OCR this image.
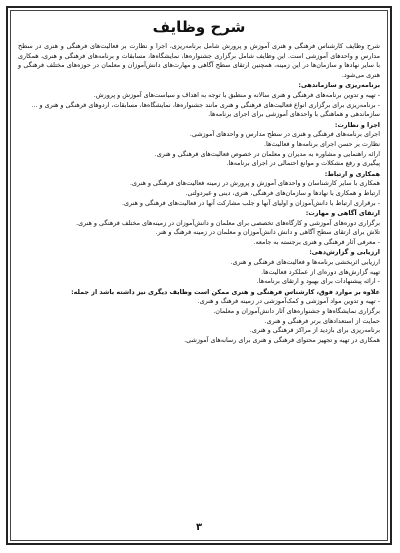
شرح وظایف

شرح وظایف کارشناس فرهنگی و هنری آموزش و پرورش شامل برنامه‌ریزی، اجرا و نظارت بر فعالیت‌های فرهنگی و هنری در سطح مدارس و واحدهای آموزشی است. این وظایف شامل برگزاری جشنواره‌ها، نمایشگاه‌ها، مسابقات و برنامه‌های فرهنگی و هنری، همکاری با سایر نهادها و سازمان‌ها در این زمینه، همچنین ارتقای سطح آگاهی و مهارت‌های دانش‌آموزان و معلمان در حوزه‌های مختلف فرهنگی و هنری می‌شود.

برنامه‌ریزی و سازماندهی:

- تهیه و تدوین برنامه‌های فرهنگی و هنری سالانه و منطبق با توجه به اهداف و سیاست‌های آموزش و پرورش.

- برنامه‌ریزی برای برگزاری انواع فعالیت‌های فرهنگی و هنری مانند جشنواره‌ها، نمایشگاه‌ها، مسابقات، اردوهای فرهنگی و هنری و ...

سازماندهی و هماهنگی با واحدهای آموزشی برای اجرای برنامه‌ها.

اجرا و نظارت:

اجرای برنامه‌های فرهنگی و هنری در سطح مدارس و واحدهای آموزشی.

نظارت بر حسن اجرای برنامه‌ها و فعالیت‌ها.

ارائه راهنمایی و مشاوره به مدیران و معلمان در خصوص فعالیت‌های فرهنگی و هنری.

پیگیری و رفع مشکلات و موانع احتمالی در اجرای برنامه‌ها.

همکاری و ارتباط:

همکاری با سایر کارشناسان و واحدهای آموزش و پرورش در زمینه فعالیت‌های فرهنگی و هنری.

ارتباط و همکاری با نهادها و سازمان‌های فرهنگی، هنری، دینی و غیردولتی.

- برقراری ارتباط با دانش‌آموزان و اولیای آنها و جلب مشارکت آنها در فعالیت‌های فرهنگی و هنری.

ارتقای آگاهی و مهارت:

برگزاری دوره‌های آموزشی و کارگاه‌های تخصصی برای معلمان و دانش‌آموزان در زمینه‌های مختلف فرهنگی و هنری.

تلاش برای ارتقای سطح آگاهی و دانش دانش‌آموزان و معلمان در زمینه فرهنگ و هنر.

- معرفی آثار فرهنگی و هنری برجسته به جامعه.

ارزیابی و گزارش‌دهی:

ارزیابی اثربخشی برنامه‌ها و فعالیت‌های فرهنگی و هنری.

تهیه گزارش‌های دوره‌ای از عملکرد فعالیت‌ها.

- ارائه پیشنهادات برای بهبود و ارتقای برنامه‌ها.

علاوه بر موارد فوق، کارشناس فرهنگی و هنری ممکن است وظایف دیگری نیز داشته باشد از جمله:

- تهیه و تدوین مواد آموزشی و کمک‌آموزشی در زمینه فرهنگ و هنری.

برگزاری نمایشگاه‌ها و جشنواره‌های آثار دانش‌آموزان و معلمان.

حمایت از استعدادهای برتر فرهنگی و هنری.

برنامه‌ریزی برای بازدید از مراکز فرهنگی و هنری.

همکاری در تهیه و تجهیز محتوای فرهنگی و هنری برای رسانه‌های آموزشی.

۳
